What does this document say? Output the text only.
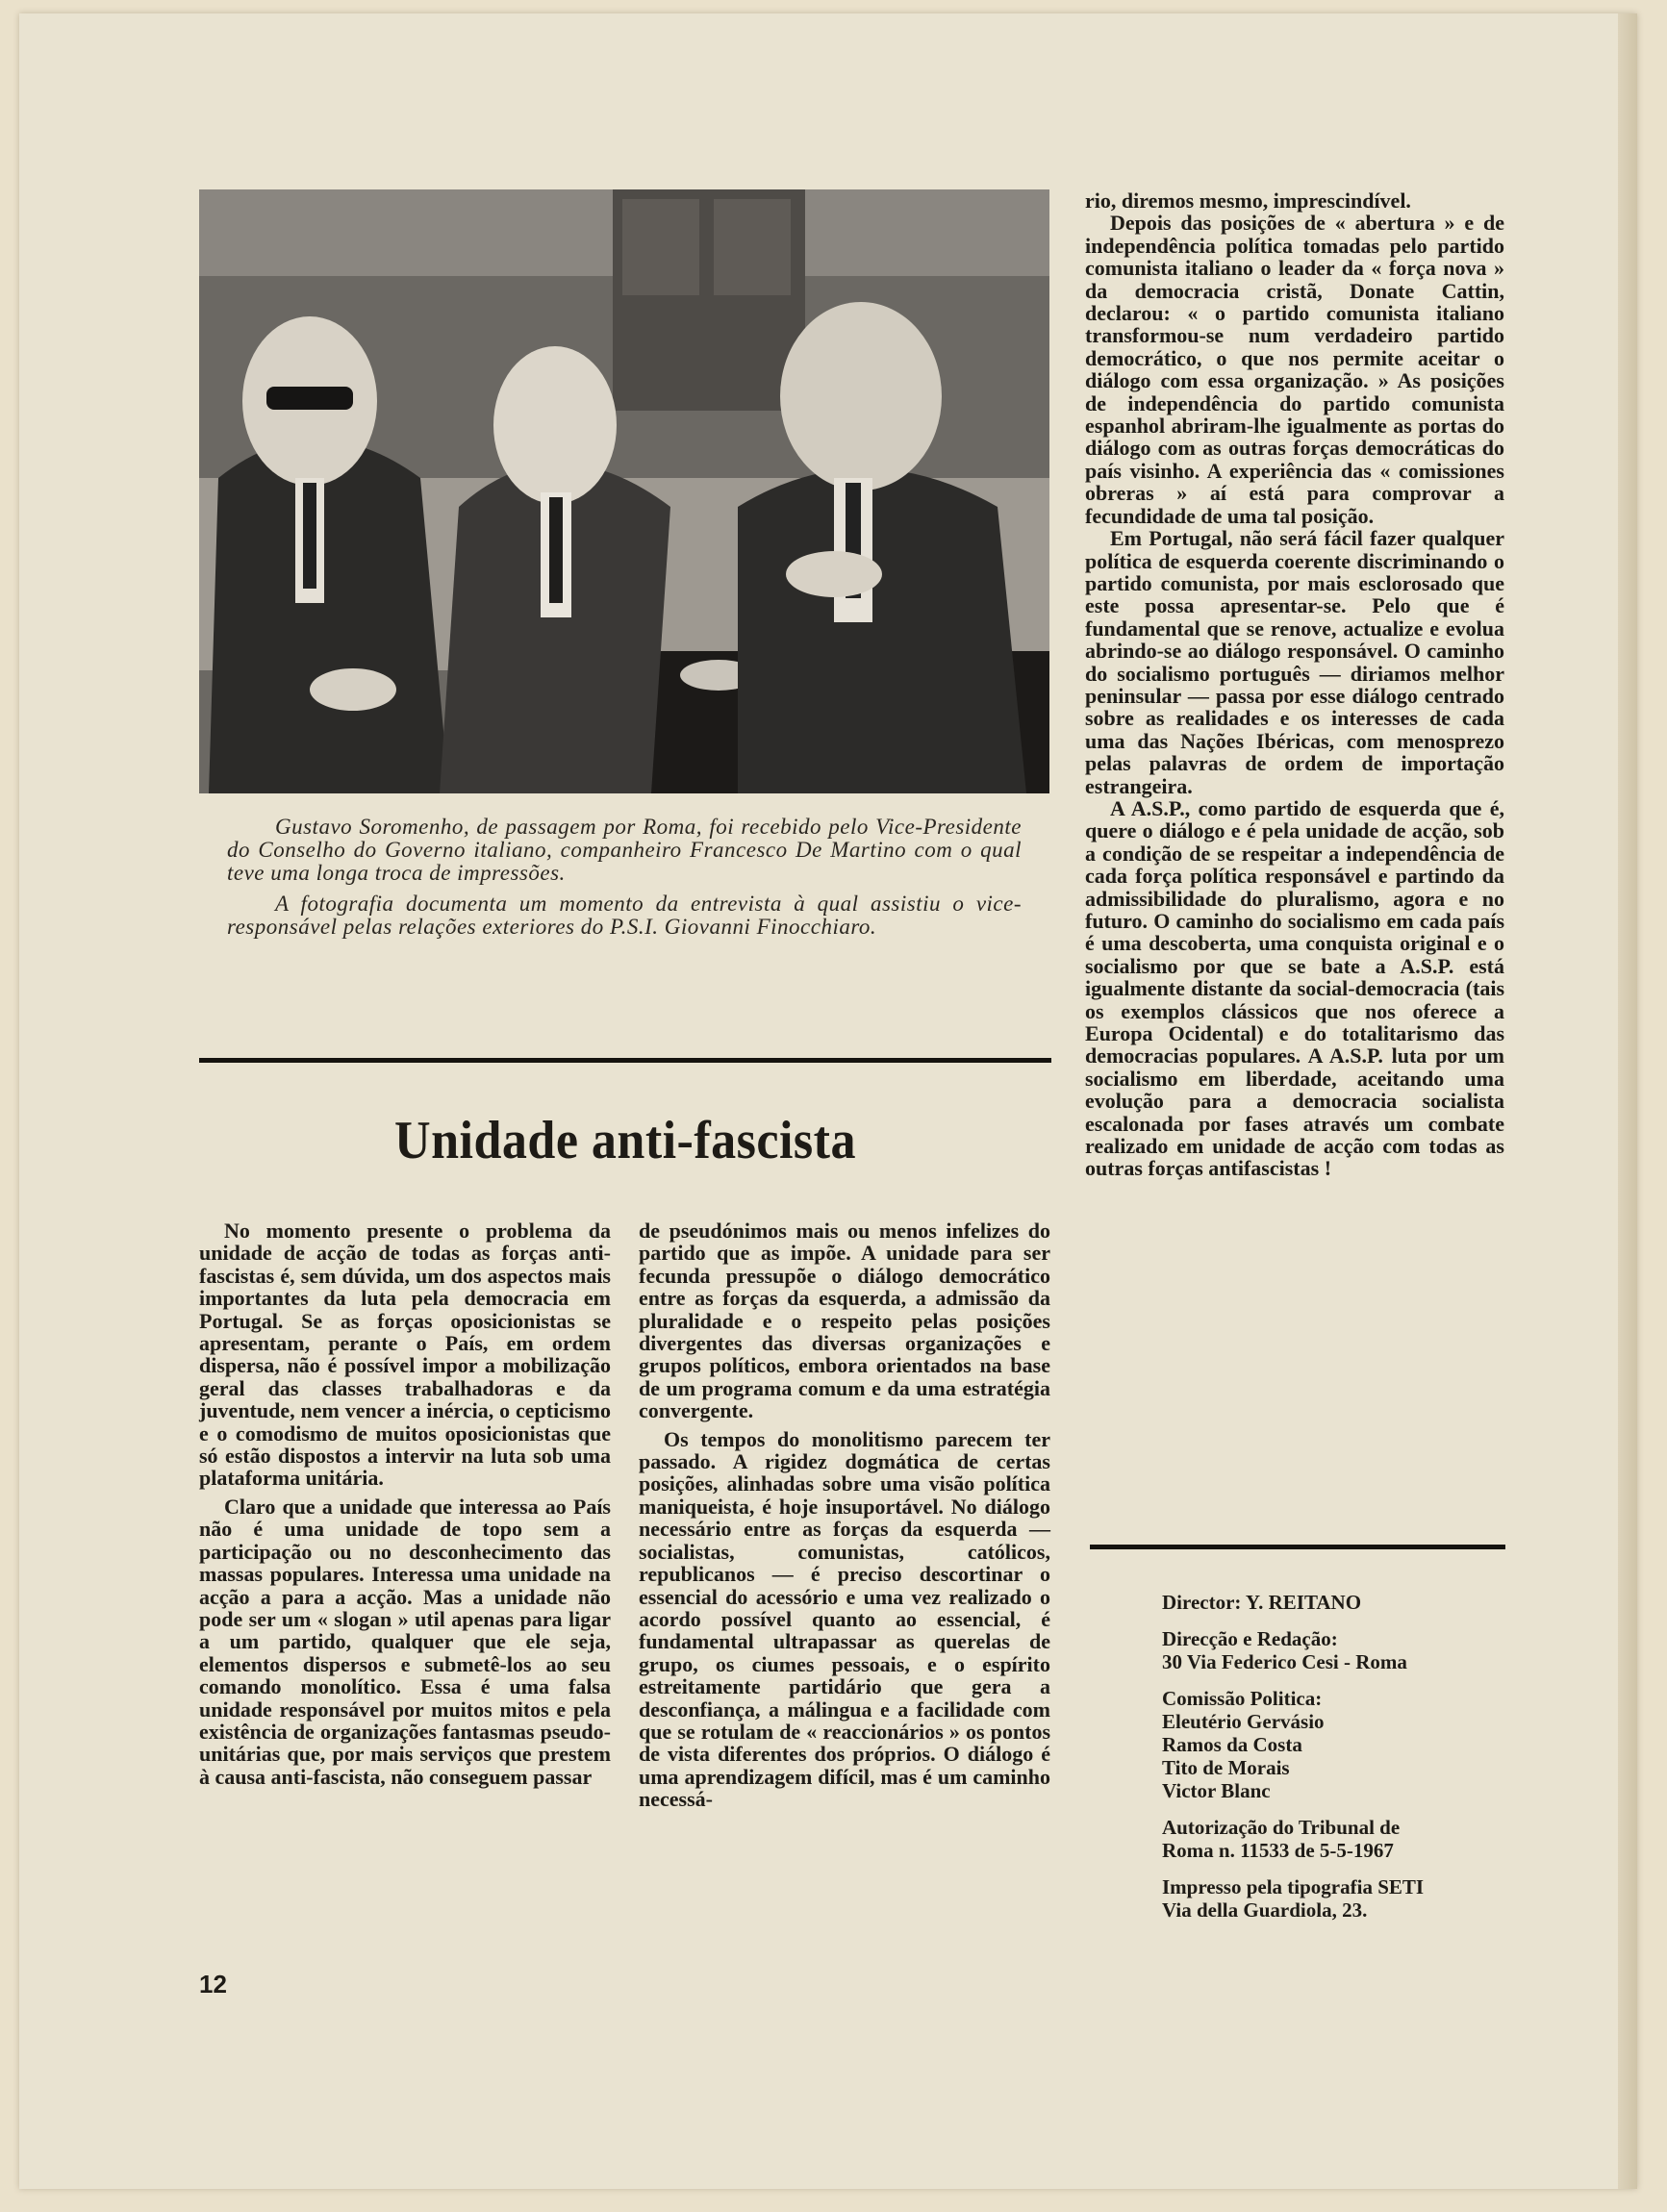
Gustavo Soromenho, de passagem por Roma, foi recebido pelo Vice-Presidente do Conselho do Governo italiano, companheiro Francesco De Martino com o qual teve uma longa troca de impressões.

A fotografia documenta um momento da entrevista à qual assistiu o vice-responsável pelas relações exteriores do P.S.I. Giovanni Finocchiaro.

Unidade anti-fascista

No momento presente o problema da unidade de acção de todas as forças anti-fascistas é, sem dúvida, um dos aspectos mais importantes da luta pela democracia em Portugal. Se as forças oposicionistas se apresentam, perante o País, em ordem dispersa, não é possível impor a mobilização geral das classes trabalhadoras e da juventude, nem vencer a inércia, o cepticismo e o comodismo de muitos oposicionistas que só estão dispostos a intervir na luta sob uma plataforma unitária.

Claro que a unidade que interessa ao País não é uma unidade de topo sem a participação ou no desconhecimento das massas populares. Interessa uma unidade na acção a para a acção. Mas a unidade não pode ser um « slogan » util apenas para ligar a um partido, qualquer que ele seja, elementos dispersos e submetê-los ao seu comando monolítico. Essa é uma falsa unidade responsável por muitos mitos e pela existência de organizações fantasmas pseudo-unitárias que, por mais serviços que prestem à causa anti-fascista, não conseguem passar

de pseudónimos mais ou menos infelizes do partido que as impõe. A unidade para ser fecunda pressupõe o diálogo democrático entre as forças da esquerda, a admissão da pluralidade e o respeito pelas posições divergentes das diversas organizações e grupos políticos, embora orientados na base de um programa comum e da uma estratégia convergente.

Os tempos do monolitismo parecem ter passado. A rigidez dogmática de certas posições, alinhadas sobre uma visão política maniqueista, é hoje insuportável. No diálogo necessário entre as forças da esquerda — socialistas, comunistas, católicos, republicanos — é preciso descortinar o essencial do acessório e uma vez realizado o acordo possível quanto ao essencial, é fundamental ultrapassar as querelas de grupo, os ciumes pessoais, e o espírito estreitamente partidário que gera a desconfiança, a málingua e a facilidade com que se rotulam de « reaccionários » os pontos de vista diferentes dos próprios. O diálogo é uma aprendizagem difícil, mas é um caminho necessá-

rio, diremos mesmo, imprescindível.

Depois das posições de « abertura » e de independência política tomadas pelo partido comunista italiano o leader da « força nova » da democracia cristã, Donate Cattin, declarou: « o partido comunista italiano transformou-se num verdadeiro partido democrático, o que nos permite aceitar o diálogo com essa organização. » As posições de independência do partido comunista espanhol abriram-lhe igualmente as portas do diálogo com as outras forças democráticas do país visinho. A experiência das « comissiones obreras » aí está para comprovar a fecundidade de uma tal posição.

Em Portugal, não será fácil fazer qualquer política de esquerda coerente discriminando o partido comunista, por mais esclorosado que este possa apresentar-se. Pelo que é fundamental que se renove, actualize e evolua abrindo-se ao diálogo responsável. O caminho do socialismo português — diriamos melhor peninsular — passa por esse diálogo centrado sobre as realidades e os interesses de cada uma das Nações Ibéricas, com menosprezo pelas palavras de ordem de importação estrangeira.

A A.S.P., como partido de esquerda que é, quere o diálogo e é pela unidade de acção, sob a condição de se respeitar a independência de cada força política responsável e partindo da admissibilidade do pluralismo, agora e no futuro. O caminho do socialismo em cada país é uma descoberta, uma conquista original e o socialismo por que se bate a A.S.P. está igualmente distante da social-democracia (tais os exemplos clássicos que nos oferece a Europa Ocidental) e do totalitarismo das democracias populares. A A.S.P. luta por um socialismo em liberdade, aceitando uma evolução para a democracia socialista escalonada por fases através um combate realizado em unidade de acção com todas as outras forças antifascistas !

Director: Y. REITANO
Direcção e Redação:
30 Via Federico Cesi - Roma
Comissão Politica:
Eleutério Gervásio
Ramos da Costa
Tito de Morais
Victor Blanc
Autorização do Tribunal de
Roma n. 11533 de 5-5-1967
Impresso pela tipografia SETI
Via della Guardiola, 23.
12
